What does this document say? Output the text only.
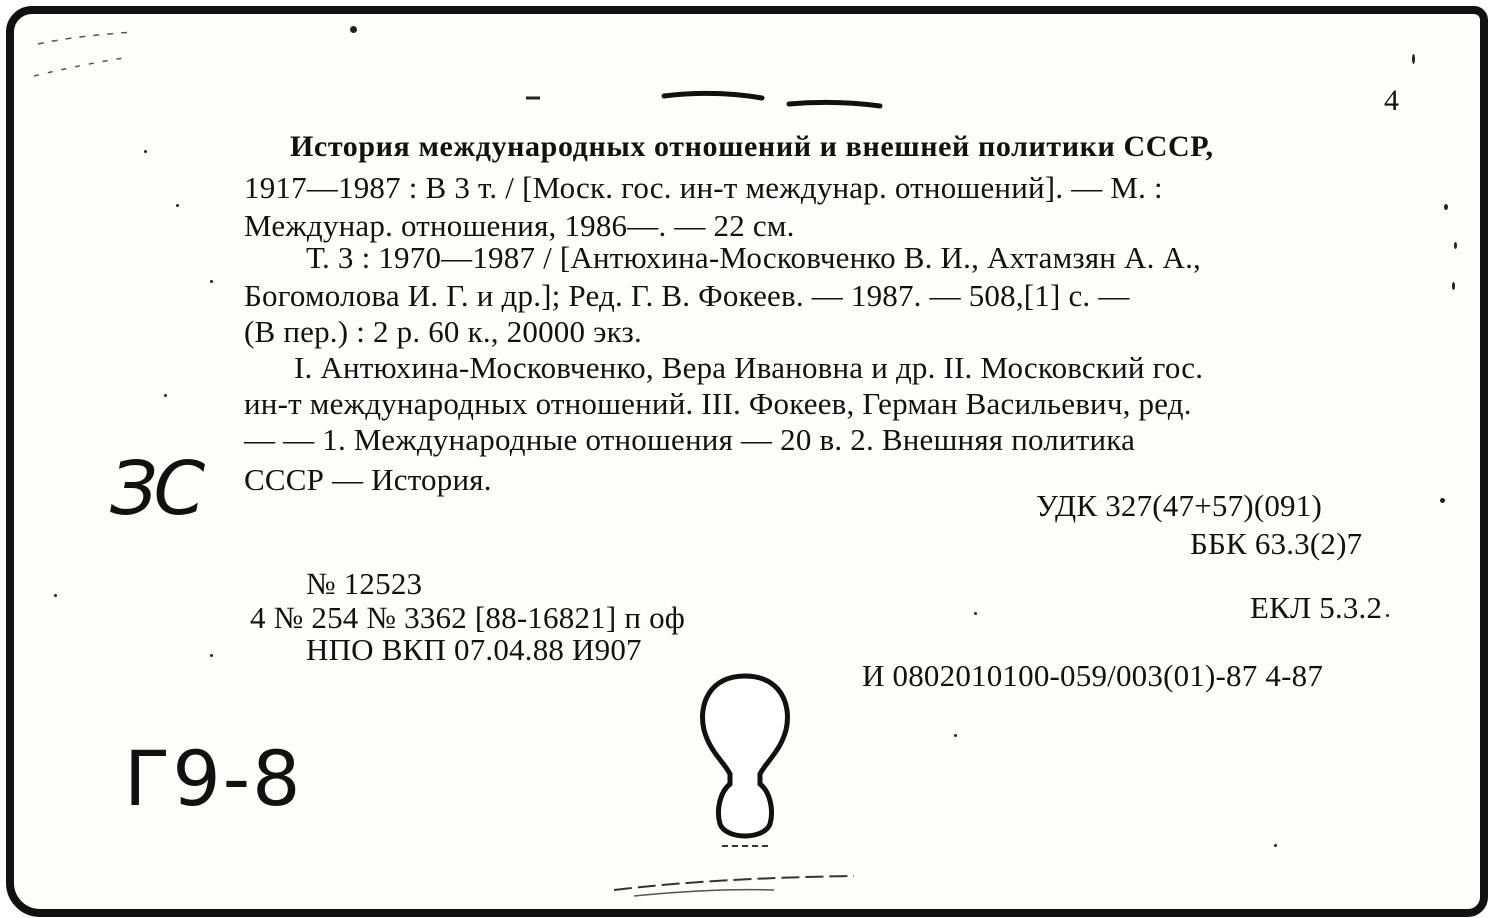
4
История международных отношений и внешней политики СССР,
1917—1987 : В 3 т. / [Моск. гос. ин-т междунар. отношений]. — М. :
Междунар. отношения, 1986—. — 22 см.
Т. 3 : 1970—1987 / [Антюхина-Московченко В. И., Ахтамзян А. А.,
Богомолова И. Г. и др.]; Ред. Г. В. Фокеев. — 1987. — 508,[1] с. —
(В пер.) : 2 р. 60 к., 20000 экз.
I. Антюхина-Московченко, Вера Ивановна и др. II. Московский гос.
ин-т международных отношений. III. Фокеев, Герман Васильевич, ред.
— — 1. Международные отношения — 20 в. 2. Внешняя политика
СССР — История.
УДК 327(47+57)(091)
ББК 63.3(2)7
ЕКЛ 5.3.2
И 0802010100-059/003(01)-87 4-87
№ 12523
4 № 254 № 3362 [88-16821] п оф
НПО ВКП 07.04.88 И907
ЗС
Г9-8
